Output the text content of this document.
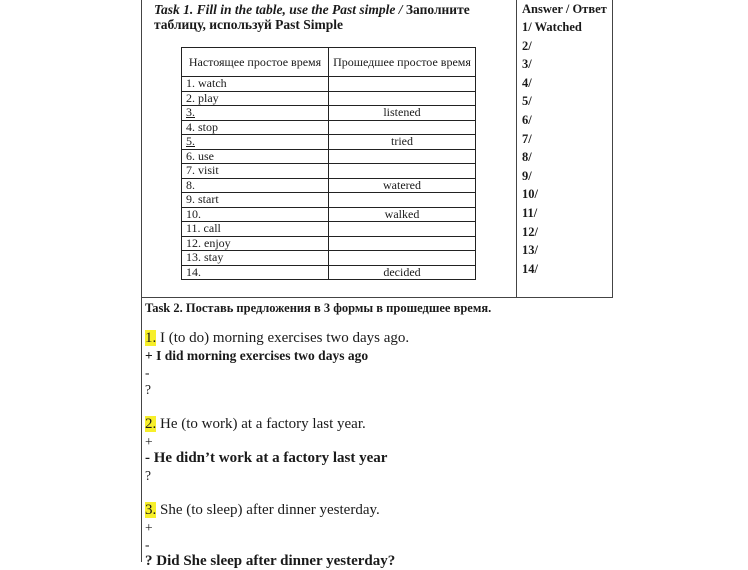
Task 1. Fill in the table, use the Past simple / Заполните
таблицу, используй Past Simple
Настоящее простое время	Прошедшее простое время
1. watch	
2. play	
3.	listened
4. stop	
5.	tried
6. use	
7. visit	
8.	watered
9. start	
10.	walked
11. call	
12. enjoy	
13. stay	
14.	decided
Answer / Ответ
1/ Watched
2/
3/
4/
5/
6/
7/
8/
9/
10/
11/
12/
13/
14/
Task 2. Поставь предложения в 3 формы в прошедшее время.
1. I (to do) morning exercises two days ago.
+ I did morning exercises two days ago
-
?
2. He (to work) at a factory last year.
+
- He didn’t work at a factory last year
?
3. She (to sleep) after dinner yesterday.
+
-
? Did She sleep after dinner yesterday?
